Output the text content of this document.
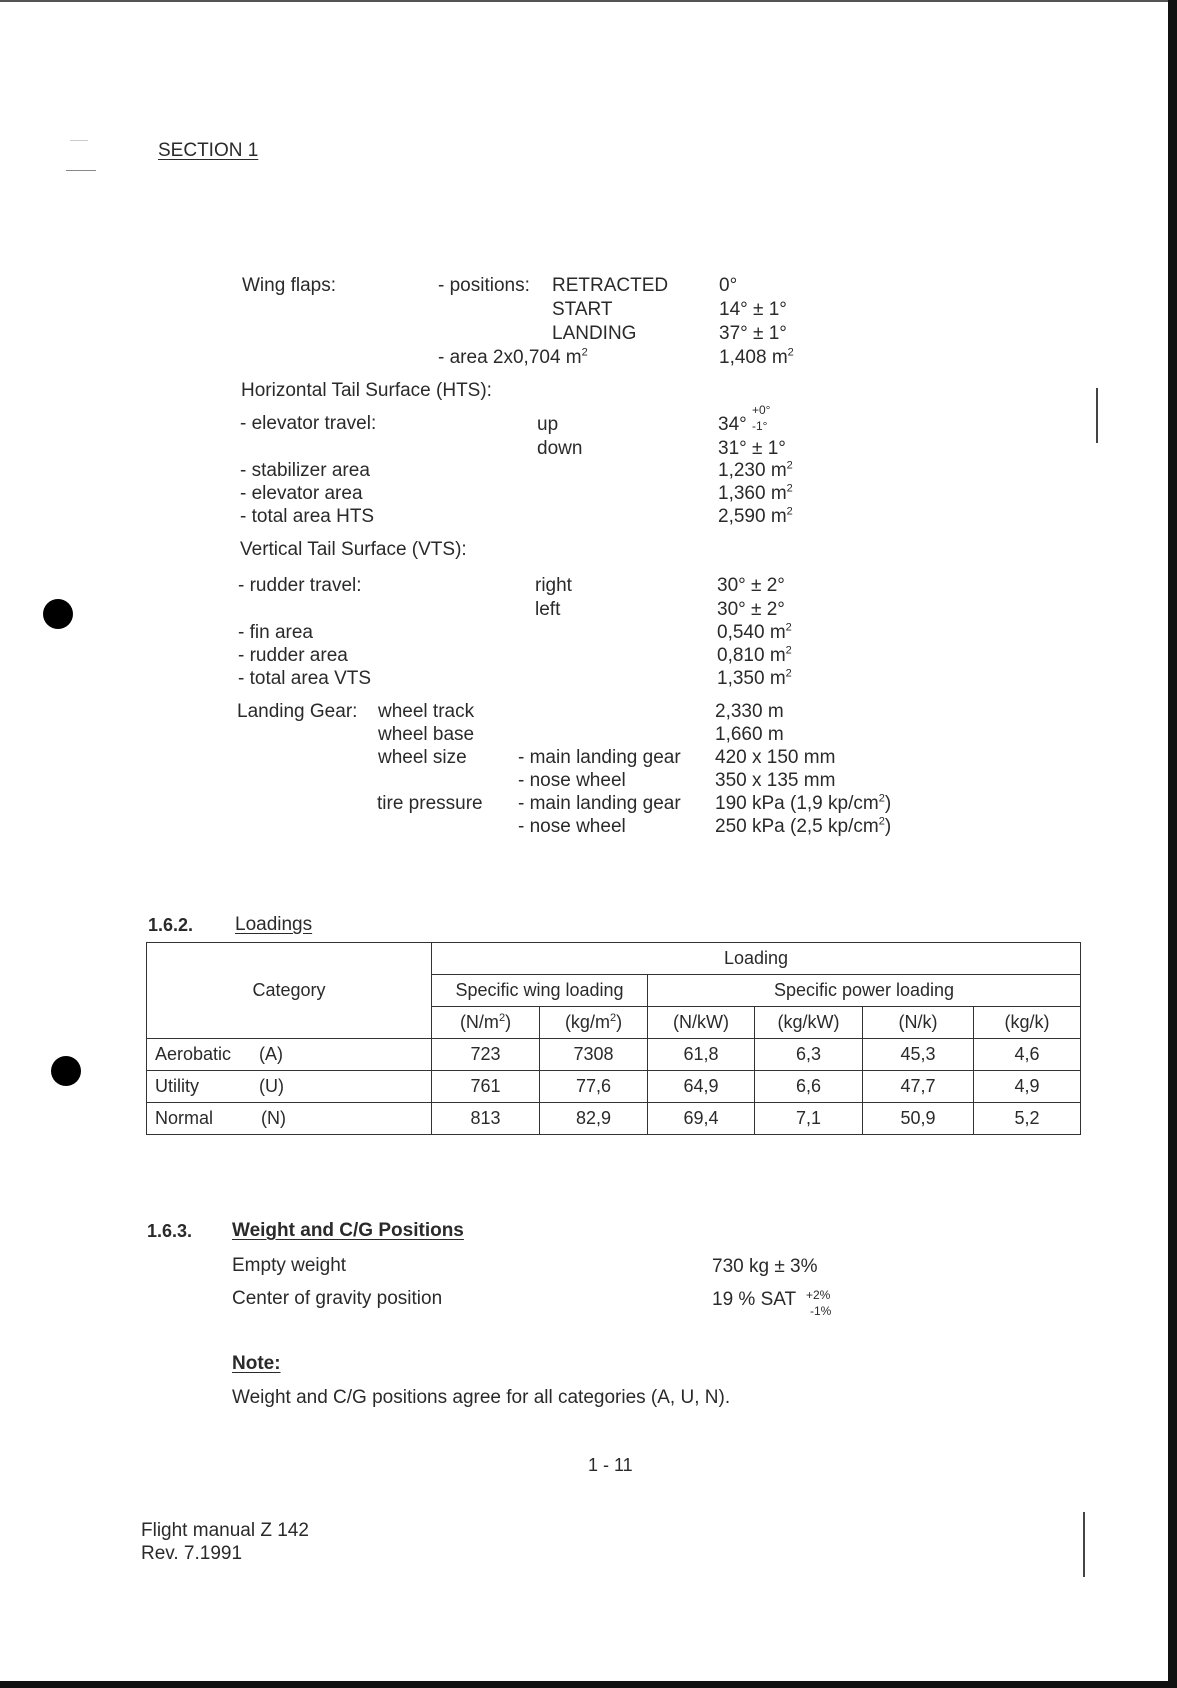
SECTION 1
Wing flaps:	- positions: RETRACTED	0°
START	14° ± 1°
LANDING	37° ± 1°
- area 2x0,704 $m^2$	1,408 $m^2$
Horizontal Tail Surface (HTS):
- elevator travel:	up	34°
+0°
-1°
down	31° ± 1°
- stabilizer area	1,230 $m^2$
- elevator area	1,360 $m^2$
- total area HTS	2,590 $m^2$
Vertical Tail Surface (VTS):
- rudder travel:	right	30° ± 2°
left	30° ± 2°
- fin area	0,540 $m^2$
- rudder area	0,810 $m^2$
- total area VTS	1,350 $m^2$
Landing Gear: wheel track	2,330 m
wheel base	1,660 m
wheel size	- main landing gear 420 x 150 mm
- nose wheel	350 x 135 mm
tire pressure - main landing gear 190 kPa (1,9 $kp/cm^2$)
- nose wheel	250 kPa (2,5 $kp/cm^2$)
1.6.2. Loadings
Category	Loading					
	Specific wing loading		Specific power loading			
	$(N/m^2)$	$(kg/m^2)$	(N/kW)	(kg/kW)	(N/k)	(kg/k)
Aerobatic (A)	723	7308	61,8	6,3	45,3	4,6
Utility (U)	761	77,6	64,9	6,6	47,7	4,9
Normal (N)	813	82,9	69,4	7,1	50,9	5,2
1.6.3. Weight and C/G Positions
Empty weight	730 kg ± 3%
Center of gravity position	19 % SAT +2%
-1%
Note:
Weight and C/G positions agree for all categories (A, U, N).
1 - 11
Flight manual Z 142
Rev. 7.1991
